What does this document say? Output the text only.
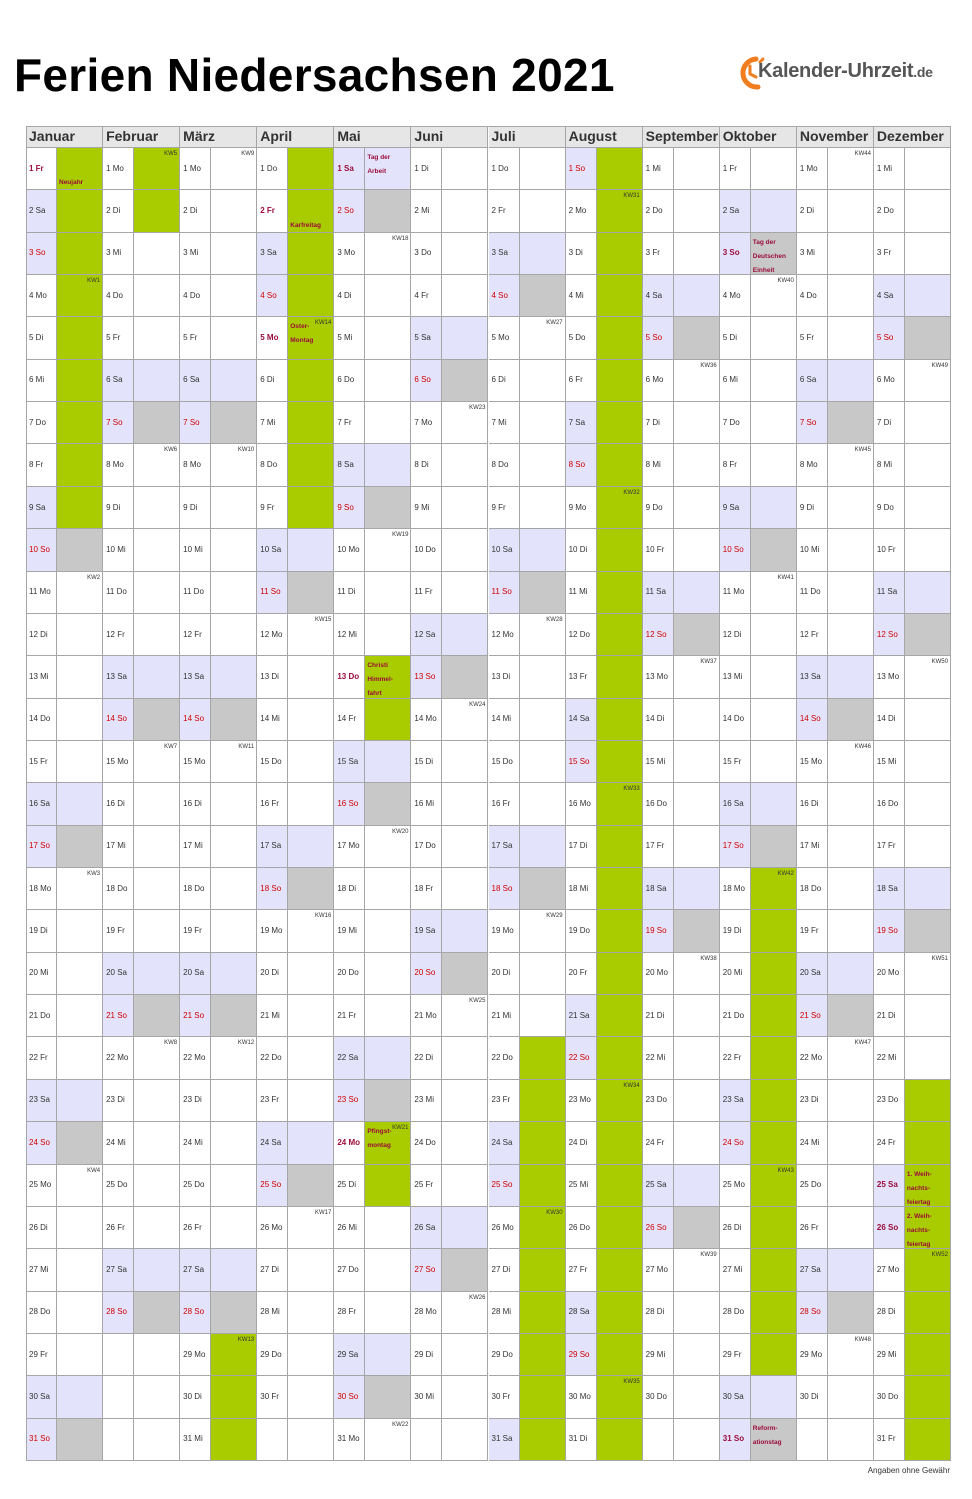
Ferien Niedersachsen 2021	Kalender-Uhrzeit.de
Januar
1 Fr
Neujahr
2 Sa
3 So
4 Mo
KW1
5 Di
6 Mi
7 Do
8 Fr
9 Sa
10 So
11 Mo
KW2
12 Di
13 Mi
14 Do
15 Fr
16 Sa
17 So
18 Mo
KW3
19 Di
20 Mi
21 Do
22 Fr
23 Sa
24 So
25 Mo
KW4
26 Di
27 Mi
28 Do
29 Fr
30 Sa
31 So
Februar
1 Mo
KW5
2 Di
3 Mi
4 Do
5 Fr
6 Sa
7 So
8 Mo
KW6
9 Di
10 Mi
11 Do
12 Fr
13 Sa
14 So
15 Mo
KW7
16 Di
17 Mi
18 Do
19 Fr
20 Sa
21 So
22 Mo
KW8
23 Di
24 Mi
25 Do
26 Fr
27 Sa
28 So
März
1 Mo
KW9
2 Di
3 Mi
4 Do
5 Fr
6 Sa
7 So
8 Mo
KW10
9 Di
10 Mi
11 Do
12 Fr
13 Sa
14 So
15 Mo
KW11
16 Di
17 Mi
18 Do
19 Fr
20 Sa
21 So
22 Mo
KW12
23 Di
24 Mi
25 Do
26 Fr
27 Sa
28 So
29 Mo
KW13
30 Di
31 Mi
April
1 Do
2 Fr
Karfreitag
3 Sa
4 So
5 Mo
KW14
Oster-
Montag
6 Di
7 Mi
8 Do
9 Fr
10 Sa
11 So
12 Mo
KW15
13 Di
14 Mi
15 Do
16 Fr
17 Sa
18 So
19 Mo
KW16
20 Di
21 Mi
22 Do
23 Fr
24 Sa
25 So
26 Mo
KW17
27 Di
28 Mi
29 Do
30 Fr
Mai
1 Sa
Tag der
Arbeit
2 So
3 Mo
KW18
4 Di
5 Mi
6 Do
7 Fr
8 Sa
9 So
10 Mo
KW19
11 Di
12 Mi
13 Do
Christi
Himmel-
fahrt
14 Fr
15 Sa
16 So
17 Mo
KW20
18 Di
19 Mi
20 Do
21 Fr
22 Sa
23 So
24 Mo
KW21
Pfingst-
montag
25 Di
26 Mi
27 Do
28 Fr
29 Sa
30 So
31 Mo
KW22
Juni
1 Di
2 Mi
3 Do
4 Fr
5 Sa
6 So
7 Mo
KW23
8 Di
9 Mi
10 Do
11 Fr
12 Sa
13 So
14 Mo
KW24
15 Di
16 Mi
17 Do
18 Fr
19 Sa
20 So
21 Mo
KW25
22 Di
23 Mi
24 Do
25 Fr
26 Sa
27 So
28 Mo
KW26
29 Di
30 Mi
Juli
1 Do
2 Fr
3 Sa
4 So
5 Mo
KW27
6 Di
7 Mi
8 Do
9 Fr
10 Sa
11 So
12 Mo
KW28
13 Di
14 Mi
15 Do
16 Fr
17 Sa
18 So
19 Mo
KW29
20 Di
21 Mi
22 Do
23 Fr
24 Sa
25 So
26 Mo
KW30
27 Di
28 Mi
29 Do
30 Fr
31 Sa
August
1 So
2 Mo
KW31
3 Di
4 Mi
5 Do
6 Fr
7 Sa
8 So
9 Mo
KW32
10 Di
11 Mi
12 Do
13 Fr
14 Sa
15 So
16 Mo
KW33
17 Di
18 Mi
19 Do
20 Fr
21 Sa
22 So
23 Mo
KW34
24 Di
25 Mi
26 Do
27 Fr
28 Sa
29 So
30 Mo
KW35
31 Di
September
1 Mi
2 Do
3 Fr
4 Sa
5 So
6 Mo
KW36
7 Di
8 Mi
9 Do
10 Fr
11 Sa
12 So
13 Mo
KW37
14 Di
15 Mi
16 Do
17 Fr
18 Sa
19 So
20 Mo
KW38
21 Di
22 Mi
23 Do
24 Fr
25 Sa
26 So
27 Mo
KW39
28 Di
29 Mi
30 Do
Oktober
1 Fr
2 Sa
3 So
Tag der
Deutschen
Einheit
4 Mo
KW40
5 Di
6 Mi
7 Do
8 Fr
9 Sa
10 So
11 Mo
KW41
12 Di
13 Mi
14 Do
15 Fr
16 Sa
17 So
18 Mo
KW42
19 Di
20 Mi
21 Do
22 Fr
23 Sa
24 So
25 Mo
KW43
26 Di
27 Mi
28 Do
29 Fr
30 Sa
31 So
Reform-
ationstag
November
1 Mo
KW44
2 Di
3 Mi
4 Do
5 Fr
6 Sa
7 So
8 Mo
KW45
9 Di
10 Mi
11 Do
12 Fr
13 Sa
14 So
15 Mo
KW46
16 Di
17 Mi
18 Do
19 Fr
20 Sa
21 So
22 Mo
KW47
23 Di
24 Mi
25 Do
26 Fr
27 Sa
28 So
29 Mo
KW48
30 Di
Dezember
1 Mi
2 Do
3 Fr
4 Sa
5 So
6 Mo
KW49
7 Di
8 Mi
9 Do
10 Fr
11 Sa
12 So
13 Mo
KW50
14 Di
15 Mi
16 Do
17 Fr
18 Sa
19 So
20 Mo
KW51
21 Di
22 Mi
23 Do
24 Fr
25 Sa
1. Weih-
nachts-
feiertag
26 So
2. Weih-
nachts-
feiertag
27 Mo
KW52
28 Di
29 Mi
30 Do
31 Fr
Angaben ohne Gewähr
